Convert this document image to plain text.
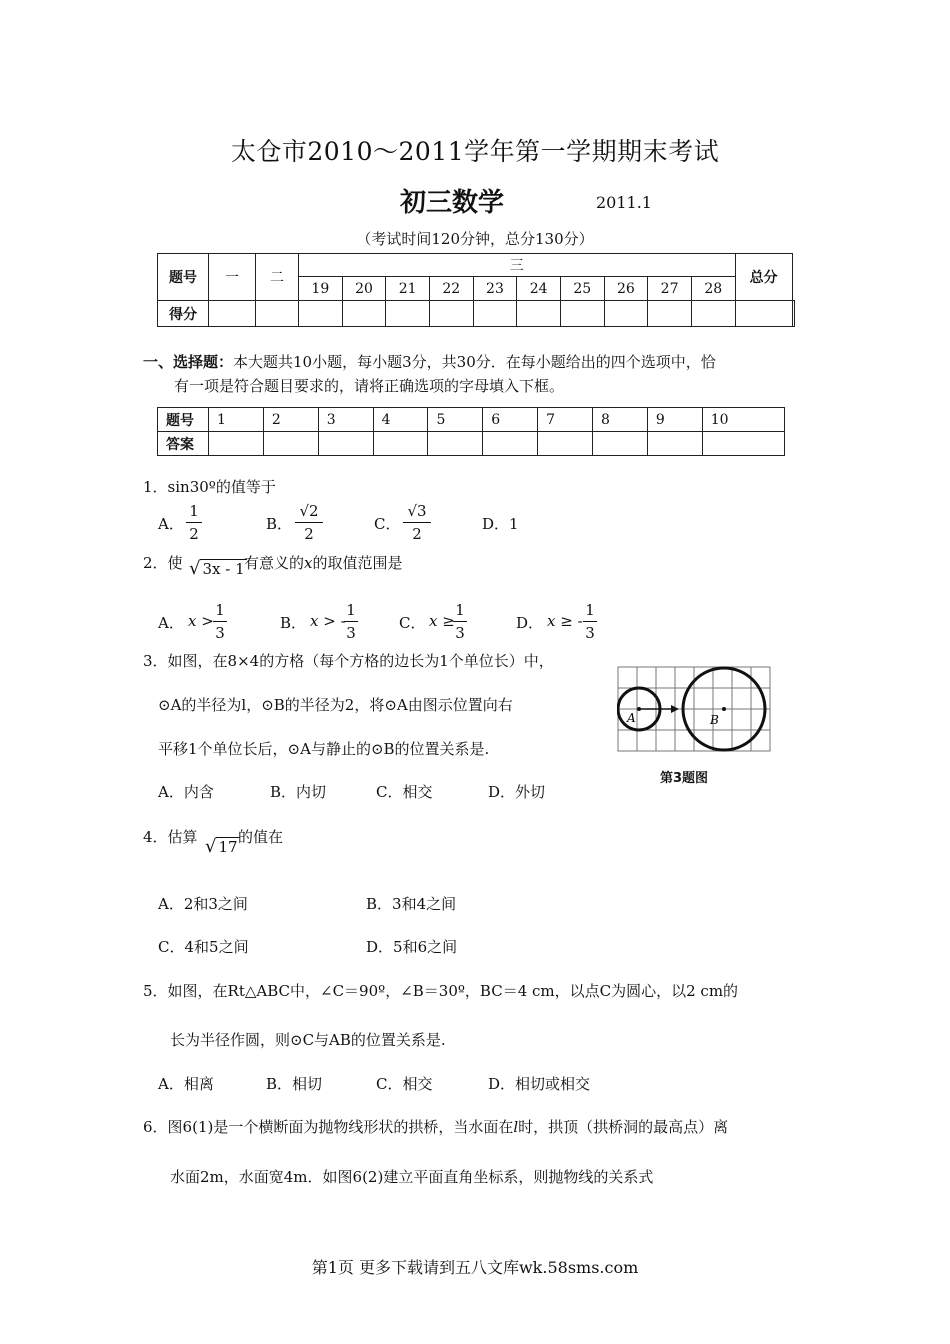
太仓市2010～2011学年第一学期期末考试
初三数学	2011.1
（考试时间120分钟，总分130分）
题号	一	二	三										总分	
			19	20	21	22	23	24	25	26	27	28		
得分														
一、选择题：本大题共10小题，每小题3分，共30分．在每小题给出的四个选项中，恰
有一项是符合题目要求的，请将正确选项的字母填入下框。
题号	1	2	3	4	5	6	7	8	9	10
答案										
1．sin30º的值等于
A．
1
2
B．
√2
2
C．
√3
2
D．1
2．使 √ 3x - 1 有意义的x的取值范围是
A． x >
1
3
B． x > -
1
3
C． x ≥
1
3
D． x ≥ -
1
3
3．如图，在8×4的方格（每个方格的边长为1个单位长）中，
⊙A的半径为l，⊙B的半径为2，将⊙A由图示位置向右
平移1个单位长后，⊙A与静止的⊙B的位置关系是.
A．内含	B．内切	C．相交	D．外切
A	B
第3题图
4．估算 √ 17
的值在
A．2和3之间	B．3和4之间
C．4和5之间	D．5和6之间
5．如图，在Rt△ABC中，∠C＝90º，∠B＝30º，BC＝4 cm，以点C为圆心，以2 cm的
长为半径作圆，则⊙C与AB的位置关系是.
A．相离	B．相切	C．相交	D．相切或相交
6．图6(1)是一个横断面为抛物线形状的拱桥，当水面在l时，拱顶（拱桥洞的最高点）离
水面2m，水面宽4m．如图6(2)建立平面直角坐标系，则抛物线的关系式
第1页 更多下载请到五八文库wk.58sms.com
